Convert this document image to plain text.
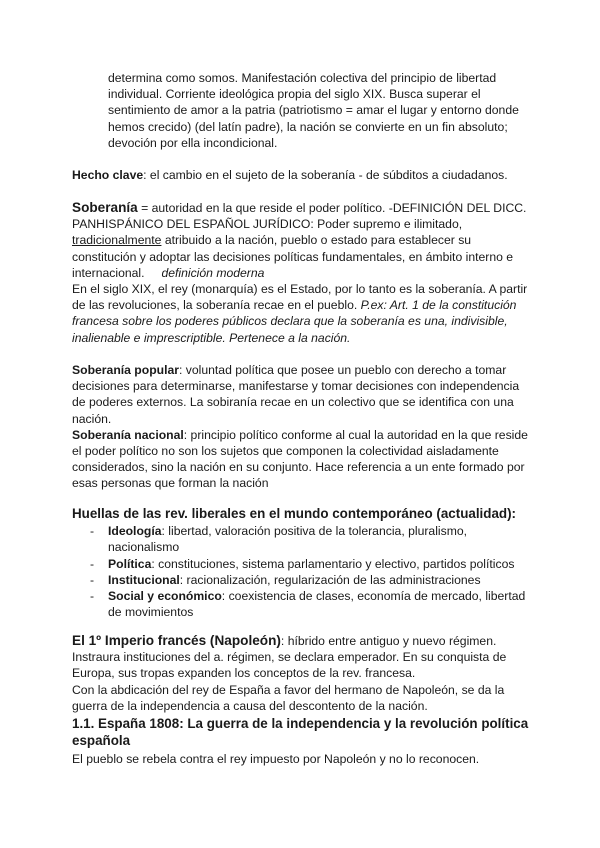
determina como somos. Manifestación colectiva del principio de libertad individual. Corriente ideológica propia del siglo XIX. Busca superar el sentimiento de amor a la patria (patriotismo = amar el lugar y entorno donde hemos crecido) (del latín padre), la nación se convierte en un fin absoluto; devoción por ella incondicional.

Hecho clave: el cambio en el sujeto de la soberanía - de súbditos a ciudadanos.

Soberanía = autoridad en la que reside el poder político. -DEFINICIÓN DEL DICC. PANHISPÁNICO DEL ESPAÑOL JURÍDICO: Poder supremo e ilimitado, tradicionalmente atribuido a la nación, pueblo o estado para establecer su constitución y adoptar las decisiones políticas fundamentales, en ámbito interno e internacional. definición moderna
En el siglo XIX, el rey (monarquía) es el Estado, por lo tanto es la soberanía. A partir de las revoluciones, la soberanía recae en el pueblo. P.ex: Art. 1 de la constitución francesa sobre los poderes públicos declara que la soberanía es una, indivisible, inalienable e imprescriptible. Pertenece a la nación.

Soberanía popular: voluntad política que posee un pueblo con derecho a tomar decisiones para determinarse, manifestarse y tomar decisiones con independencia de poderes externos. La sobiranía recae en un colectivo que se identifica con una nación.
Soberanía nacional: principio político conforme al cual la autoridad en la que reside el poder político no son los sujetos que componen la colectividad aisladamente considerados, sino la nación en su conjunto. Hace referencia a un ente formado por esas personas que forman la nación

Huellas de las rev. liberales en el mundo contemporáneo (actualidad):

-	Ideología: libertad, valoración positiva de la tolerancia, pluralismo, nacionalismo
-	Política: constituciones, sistema parlamentario y electivo, partidos políticos
-	Institucional: racionalización, regularización de las administraciones
-	Social y económico: coexistencia de clases, economía de mercado, libertad de movimientos

El 1º Imperio francés (Napoleón): híbrido entre antiguo y nuevo régimen. Instraura instituciones del a. régimen, se declara emperador. En su conquista de Europa, sus tropas expanden los conceptos de la rev. francesa.
Con la abdicación del rey de España a favor del hermano de Napoleón, se da la guerra de la independencia a causa del descontento de la nación.

1.1. España 1808: La guerra de la independencia y la revolución política española

El pueblo se rebela contra el rey impuesto por Napoleón y no lo reconocen.
